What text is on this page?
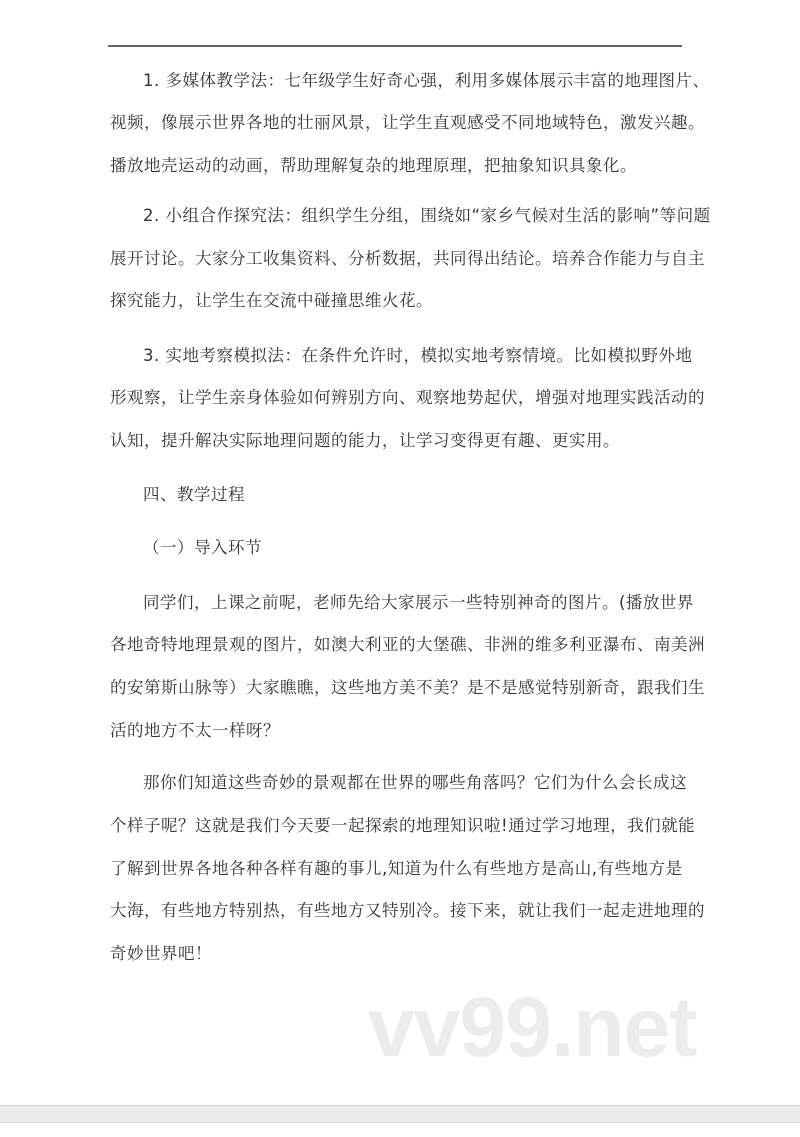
1. 多媒体教学法：七年级学生好奇心强，利用多媒体展示丰富的地理图片、
视频，像展示世界各地的壮丽风景，让学生直观感受不同地域特色，激发兴趣。
播放地壳运动的动画，帮助理解复杂的地理原理，把抽象知识具象化。
2. 小组合作探究法：组织学生分组，围绕如“家乡气候对生活的影响”等问题
展开讨论。大家分工收集资料、分析数据，共同得出结论。培养合作能力与自主
探究能力，让学生在交流中碰撞思维火花。
3. 实地考察模拟法：在条件允许时，模拟实地考察情境。比如模拟野外地
形观察，让学生亲身体验如何辨别方向、观察地势起伏，增强对地理实践活动的
认知，提升解决实际地理问题的能力，让学习变得更有趣、更实用。
四、教学过程
（一）导入环节
同学们，上课之前呢，老师先给大家展示一些特别神奇的图片。(播放世界
各地奇特地理景观的图片，如澳大利亚的大堡礁、非洲的维多利亚瀑布、南美洲
的安第斯山脉等）大家瞧瞧，这些地方美不美？是不是感觉特别新奇，跟我们生
活的地方不太一样呀？
那你们知道这些奇妙的景观都在世界的哪些角落吗？它们为什么会长成这
个样子呢？这就是我们今天要一起探索的地理知识啦!通过学习地理，我们就能
了解到世界各地各种各样有趣的事儿,知道为什么有些地方是高山,有些地方是
大海，有些地方特别热，有些地方又特别冷。接下来，就让我们一起走进地理的
奇妙世界吧！
vv99.net
